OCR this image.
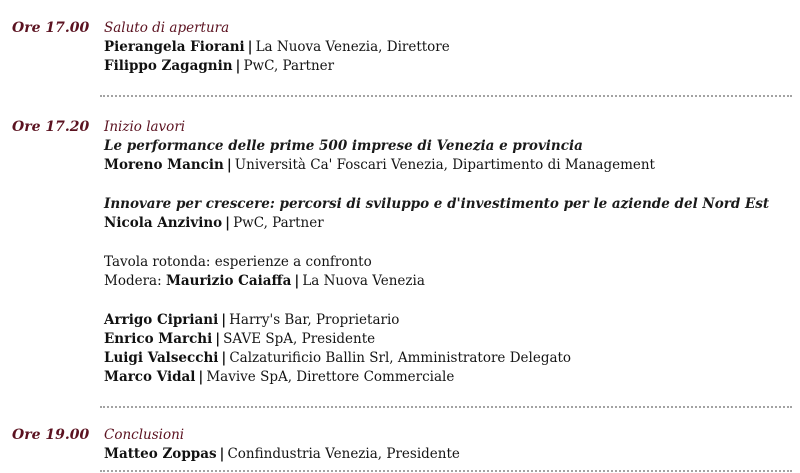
Ore 17.00 Saluto di apertura
Pierangela Fiorani | La Nuova Venezia, Direttore
Filippo Zagagnin | PwC, Partner
Ore 17.20 Inizio lavori
Le performance delle prime 500 imprese di Venezia e provincia
Moreno Mancin | Università Ca' Foscari Venezia, Dipartimento di Management
Innovare per crescere: percorsi di sviluppo e d'investimento per le aziende del Nord Est
Nicola Anzivino | PwC, Partner
Tavola rotonda: esperienze a confronto
Modera: Maurizio Caiaffa | La Nuova Venezia
Arrigo Cipriani | Harry's Bar, Proprietario
Enrico Marchi | SAVE SpA, Presidente
Luigi Valsecchi | Calzaturificio Ballin Srl, Amministratore Delegato
Marco Vidal | Mavive SpA, Direttore Commerciale
Ore 19.00 Conclusioni
Matteo Zoppas | Confindustria Venezia, Presidente
